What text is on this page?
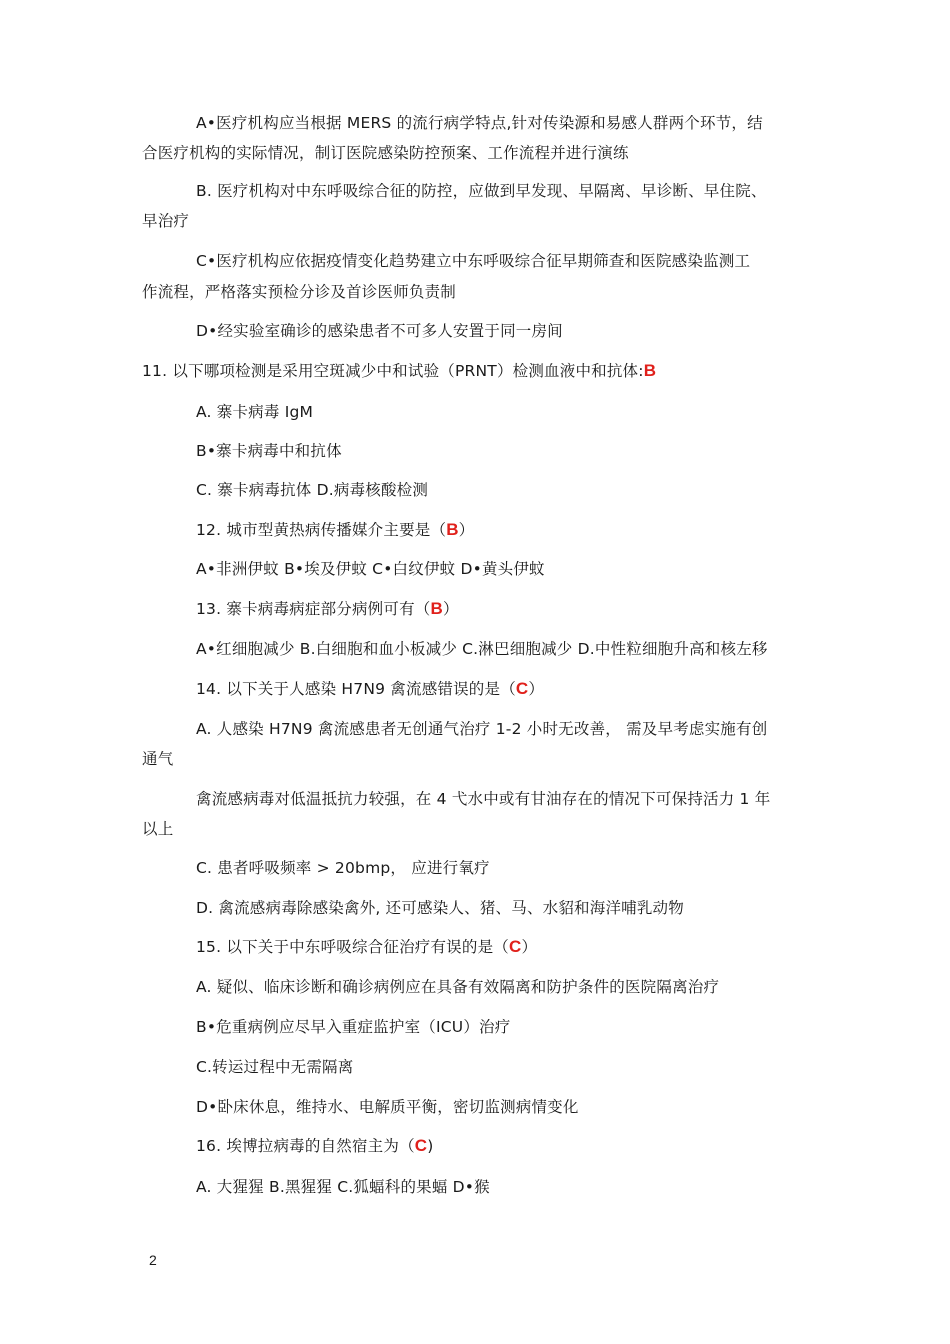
A•医疗机构应当根据 MERS 的流行病学特点,针对传染源和易感人群两个环节，结
合医疗机构的实际情况，制订医院感染防控预案、工作流程并进行演练
B. 医疗机构对中东呼吸综合征的防控，应做到早发现、早隔离、早诊断、早住院、
早治疗
C•医疗机构应依据疫情变化趋势建立中东呼吸综合征早期筛查和医院感染监测工
作流程，严格落实预检分诊及首诊医师负责制
D•经实验室确诊的感染患者不可多人安置于同一房间
11. 以下哪项检测是采用空斑减少中和试验（PRNT）检测血液中和抗体:B
A. 寨卡病毒 IgM
B•寨卡病毒中和抗体
C. 寨卡病毒抗体 D.病毒核酸检测
12. 城市型黄热病传播媒介主要是（B）
A•非洲伊蚊 B•埃及伊蚊 C•白纹伊蚊 D•黄头伊蚊
13. 寨卡病毒病症部分病例可有（B）
A•红细胞减少 B.白细胞和血小板减少 C.淋巴细胞减少 D.中性粒细胞升高和核左移
14. 以下关于人感染 H7N9 禽流感错误的是（C）
A. 人感染 H7N9 禽流感患者无创通气治疗 1-2 小时无改善， 需及早考虑实施有创
通气
禽流感病毒对低温抵抗力较强，在 4 弋水中或有甘油存在的情况下可保持活力 1 年
以上
C. 患者呼吸频率 > 20bmp， 应进行氧疗
D. 禽流感病毒除感染禽外, 还可感染人、猪、马、水貂和海洋哺乳动物
15. 以下关于中东呼吸综合征治疗有误的是（C）
A. 疑似、临床诊断和确诊病例应在具备有效隔离和防护条件的医院隔离治疗
B•危重病例应尽早入重症监护室（ICU）治疗
C.转运过程中无需隔离
D•卧床休息，维持水、电解质平衡，密切监测病情变化
16. 埃博拉病毒的自然宿主为（C)
A. 大猩猩 B.黑猩猩 C.狐蝠科的果蝠 D•猴
2
